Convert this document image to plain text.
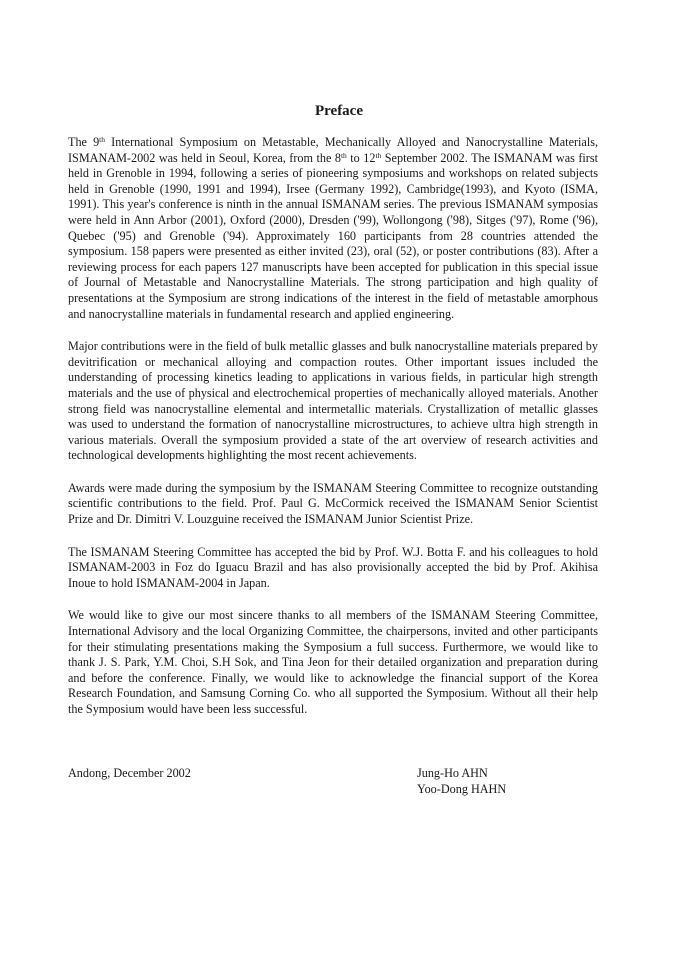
Preface

The 9th International Symposium on Metastable, Mechanically Alloyed and Nanocrystalline Materials, ISMANAM-2002 was held in Seoul, Korea, from the 8th to 12th September 2002. The ISMANAM was first held in Grenoble in 1994, following a series of pioneering symposiums and workshops on related subjects held in Grenoble (1990, 1991 and 1994), Irsee (Germany 1992), Cambridge(1993), and Kyoto (ISMA, 1991). This year's conference is ninth in the annual ISMANAM series. The previous ISMANAM symposias were held in Ann Arbor (2001), Oxford (2000), Dresden ('99), Wollongong ('98), Sitges ('97), Rome ('96), Quebec ('95) and Grenoble ('94). Approximately 160 participants from 28 countries attended the symposium. 158 papers were presented as either invited (23), oral (52), or poster contributions (83). After a reviewing process for each papers 127 manuscripts have been accepted for publication in this special issue of Journal of Metastable and Nanocrystalline Materials. The strong participation and high quality of presentations at the Symposium are strong indications of the interest in the field of metastable amorphous and nanocrystalline materials in fundamental research and applied engineering.

Major contributions were in the field of bulk metallic glasses and bulk nanocrystalline materials prepared by devitrification or mechanical alloying and compaction routes. Other important issues included the understanding of processing kinetics leading to applications in various fields, in particular high strength materials and the use of physical and electrochemical properties of mechanically alloyed materials. Another strong field was nanocrystalline elemental and intermetallic materials. Crystallization of metallic glasses was used to understand the formation of nanocrystalline microstructures, to achieve ultra high strength in various materials. Overall the symposium provided a state of the art overview of research activities and technological developments highlighting the most recent achievements.

Awards were made during the symposium by the ISMANAM Steering Committee to recognize outstanding scientific contributions to the field. Prof. Paul G. McCormick received the ISMANAM Senior Scientist Prize and Dr. Dimitri V. Louzguine received the ISMANAM Junior Scientist Prize.

The ISMANAM Steering Committee has accepted the bid by Prof. W.J. Botta F. and his colleagues to hold ISMANAM-2003 in Foz do Iguacu Brazil and has also provisionally accepted the bid by Prof. Akihisa Inoue to hold ISMANAM-2004 in Japan.

We would like to give our most sincere thanks to all members of the ISMANAM Steering Committee, International Advisory and the local Organizing Committee, the chairpersons, invited and other participants for their stimulating presentations making the Symposium a full success. Furthermore, we would like to thank J. S. Park, Y.M. Choi, S.H Sok, and Tina Jeon for their detailed organization and preparation during and before the conference. Finally, we would like to acknowledge the financial support of the Korea Research Foundation, and Samsung Corning Co. who all supported the Symposium. Without all their help the Symposium would have been less successful.

Andong, December 2002	Jung-Ho AHN
Yoo-Dong HAHN
